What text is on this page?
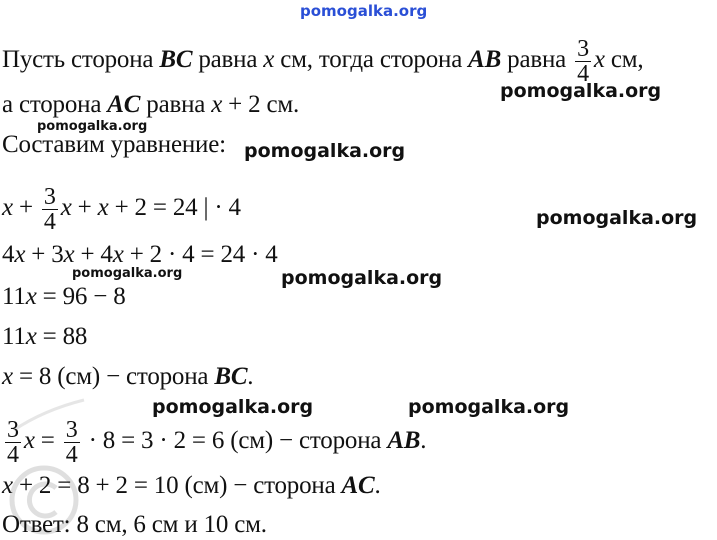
pomogalka.org
Пусть сторона BC равна x см, тогда сторона AB равна $\frac{3}{4}$ x см,
pomogalka.org
а сторона AC равна x + 2 см.
pomogalka.org
Составим уравнение: pomogalka.org
$x + \frac{3}{4}$ x + x + 2 = 24 | · 4	pomogalka.org
4x + 3x + 4x + 2 · 4 = 24 · 4
pomogalka.org	pomogalka.org
11x = 96 − 8
11x = 88
x = 8 (см) − сторона BC.
pomogalka.org	pomogalka.org
$\frac{3}{4}$ $x = \frac{3}{4} \cdot 8 = 3 \cdot 2 = 6$ (см) − сторона AB.
x + 2 = 8 + 2 = 10 (см) − сторона AC.
Ответ: 8 см, 6 см и 10 см.
